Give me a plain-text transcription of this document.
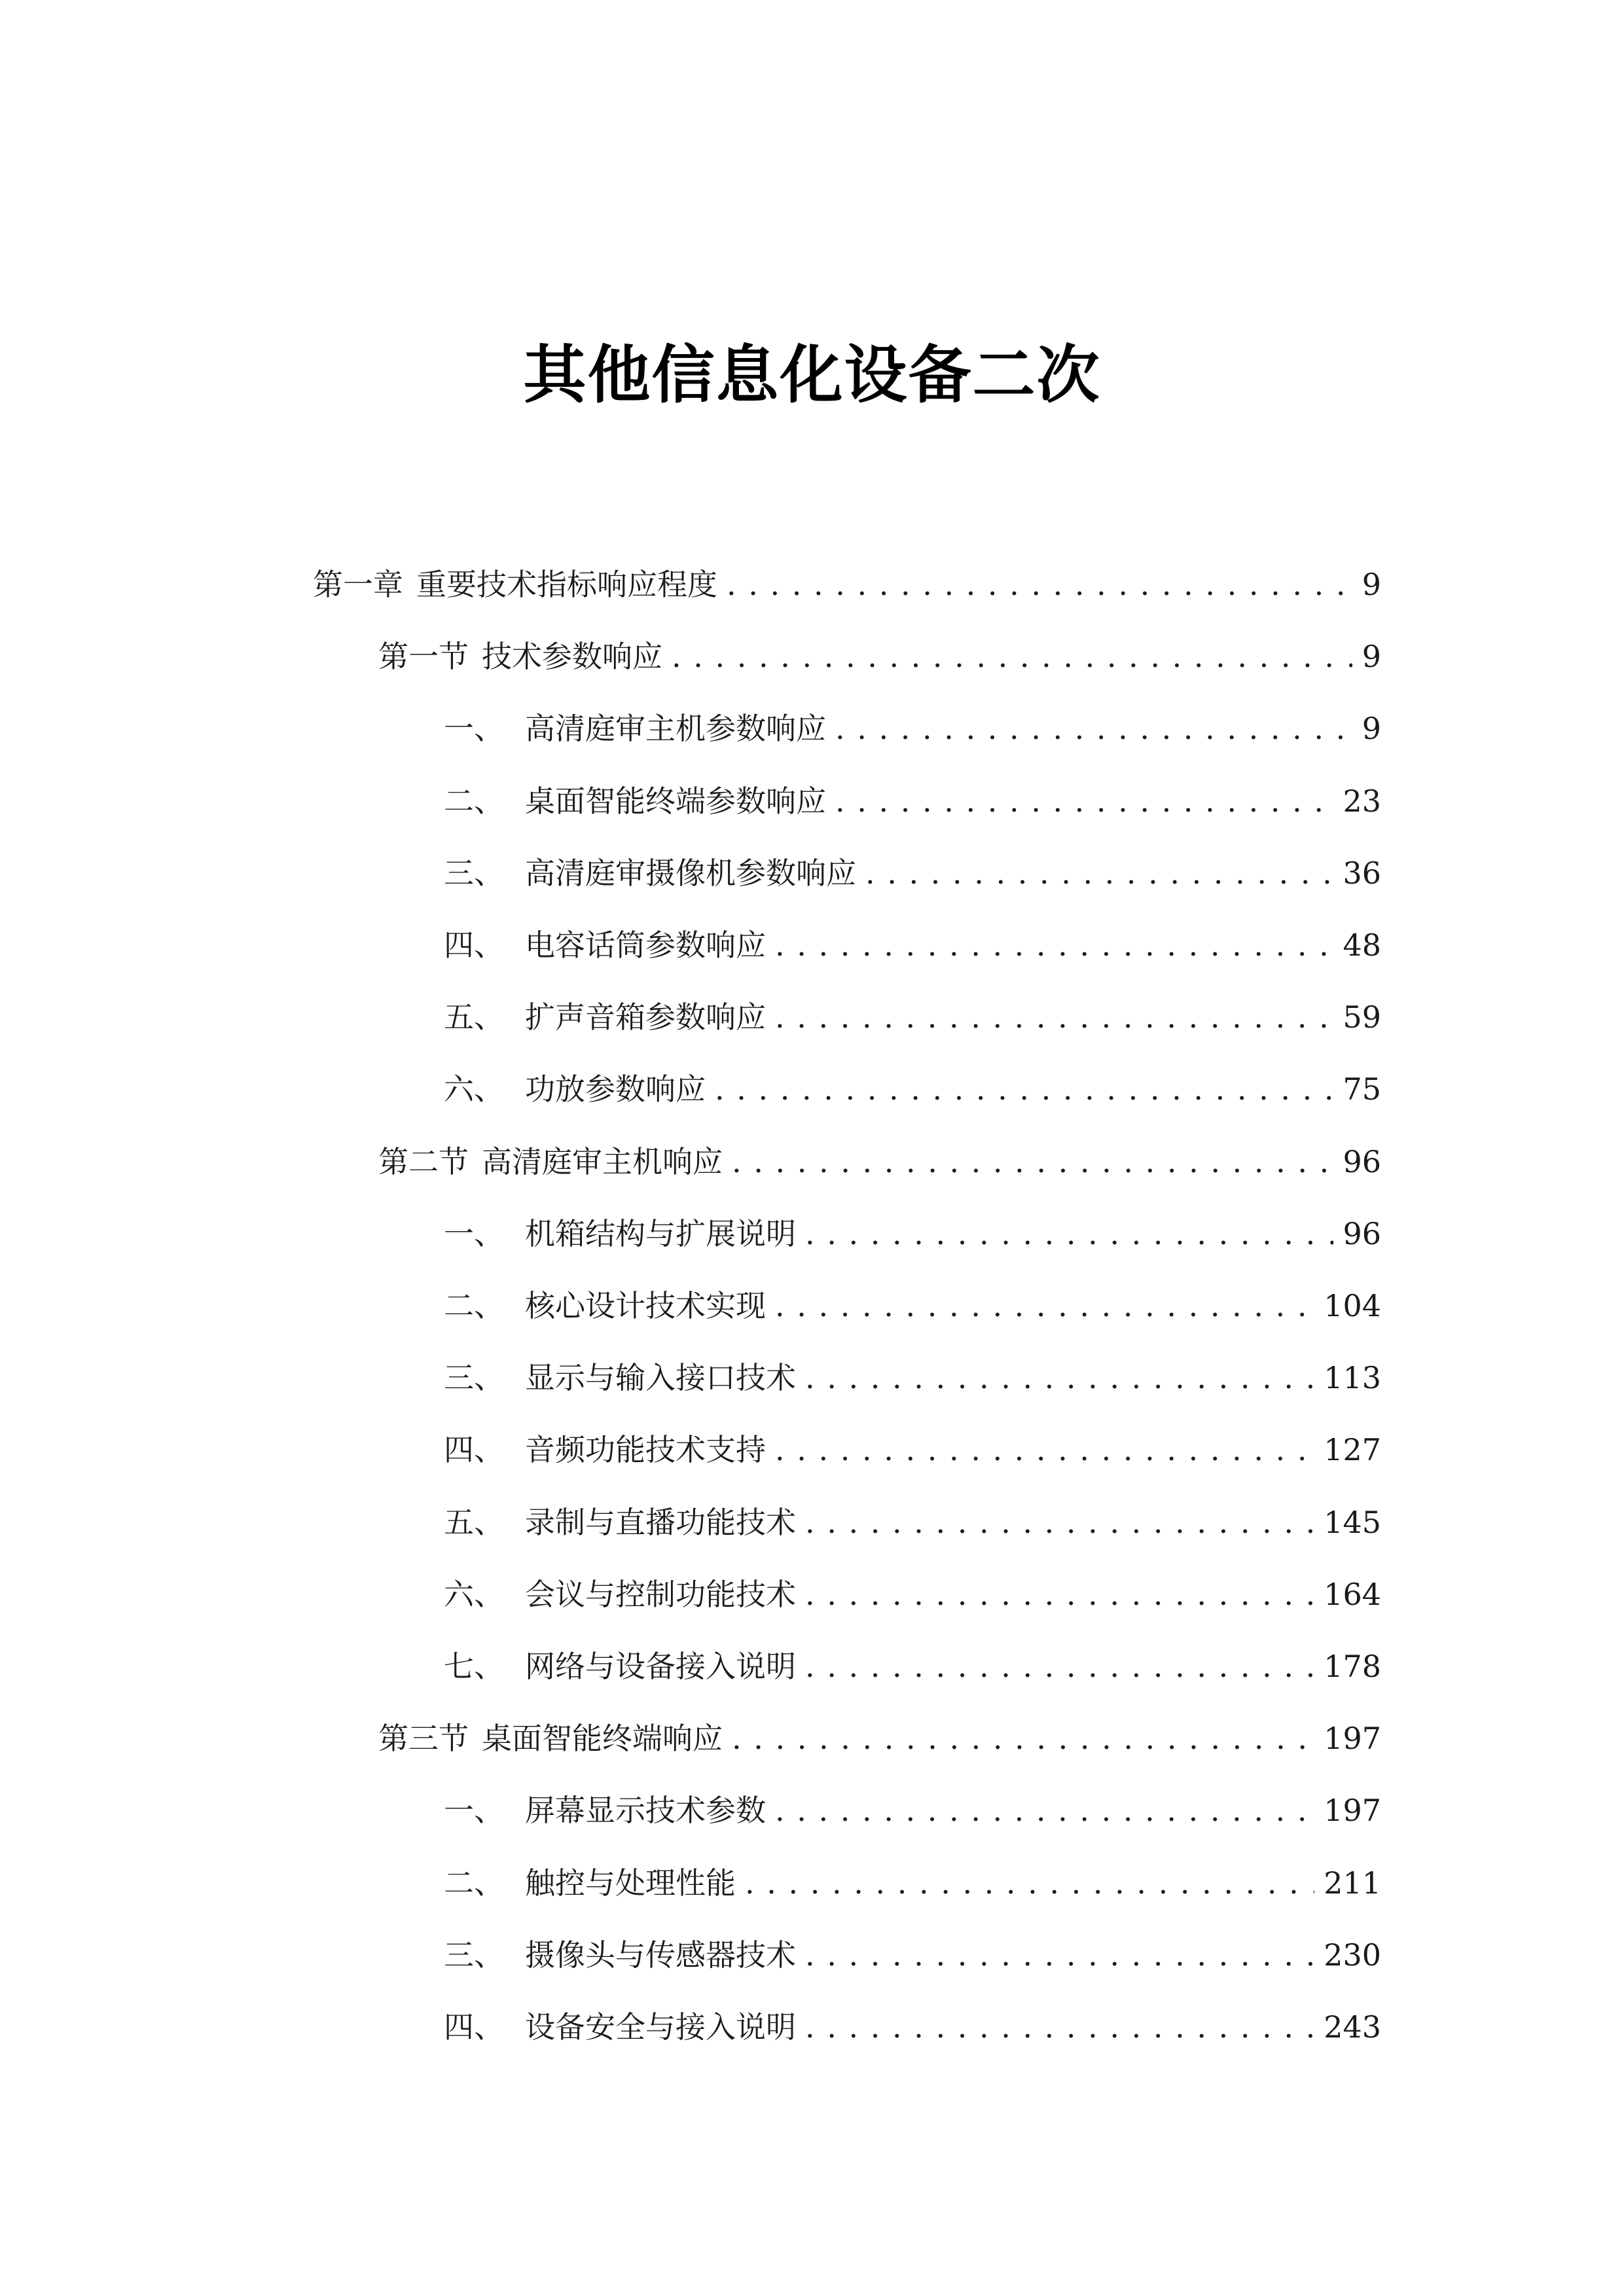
其他信息化设备二次
第一章 重要技术指标响应程度 . . .	9
第一节 技术参数响应 . . .	9
一、 高清庭审主机参数响应 . . .	9
二、 桌面智能终端参数响应 . . .	23
三、 高清庭审摄像机参数响应 . . .	36
四、 电容话筒参数响应 . . .	48
五、 扩声音箱参数响应 . . .	59
六、 功放参数响应 . . .	75
第二节 高清庭审主机响应 . . .	96
一、 机箱结构与扩展说明 . . .	96
二、 核心设计技术实现 . . .	104
三、 显示与输入接口技术 . . .	113
四、 音频功能技术支持 . . .	127
五、 录制与直播功能技术 . . .	145
六、 会议与控制功能技术 . . .	164
七、 网络与设备接入说明 . . .	178
第三节 桌面智能终端响应 . . .	197
一、 屏幕显示技术参数 . . .	197
二、 触控与处理性能 . . .	211
三、 摄像头与传感器技术 . . .	230
四、 设备安全与接入说明 . . .	243
